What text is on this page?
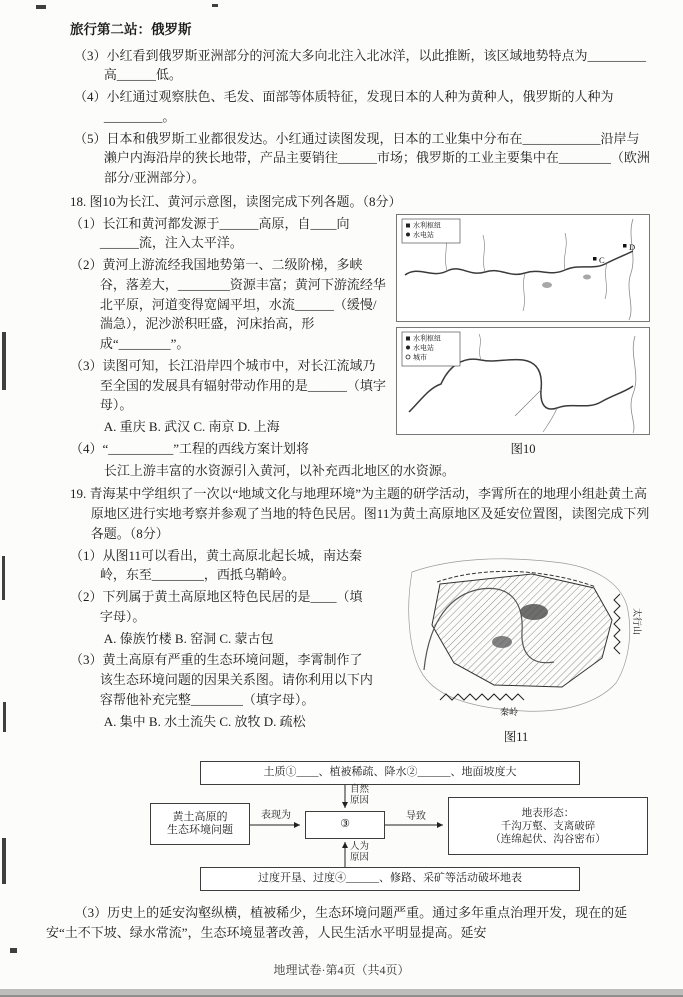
旅行第二站：俄罗斯

（3）小红看到俄罗斯亚洲部分的河流大多向北注入北冰洋，以此推断，该区域地势特点为_________高______低。

（4）小红通过观察肤色、毛发、面部等体质特征，发现日本的人种为黄种人，俄罗斯的人种为_________。

（5）日本和俄罗斯工业都很发达。小红通过读图发现，日本的工业集中分布在____________沿岸与濑户内海沿岸的狭长地带，产品主要销往______市场；俄罗斯的工业主要集中在________（欧洲部分/亚洲部分）。

18. 图10为长江、黄河示意图，读图完成下列各题。（8分）

（1）长江和黄河都发源于______高原，自____向______流，注入太平洋。

（2）黄河上游流经我国地势第一、二级阶梯，多峡谷，落差大，________资源丰富；黄河下游流经华北平原，河道变得宽阔平坦，水流______（缓慢/湍急），泥沙淤积旺盛，河床抬高，形成“________”。

（3）读图可知，长江沿岸四个城市中，对长江流域乃至全国的发展具有辐射带动作用的是______（填字母）。

A. 重庆 B. 武汉 C. 南京 D. 上海

（4）“__________”工程的西线方案计划将

水利枢纽
水电站
C
D
水利枢纽
水电站
城市
图10

长江上游丰富的水资源引入黄河，以补充西北地区的水资源。

19. 青海某中学组织了一次以“地域文化与地理环境”为主题的研学活动，李霄所在的地理小组赴黄土高原地区进行实地考察并参观了当地的特色民居。图11为黄土高原地区及延安位置图，读图完成下列各题。（8分）

（1）从图11可以看出，黄土高原北起长城，南达秦岭，东至________，西抵乌鞘岭。

（2）下列属于黄土高原地区特色民居的是____（填字母）。

A. 傣族竹楼 B. 窑洞 C. 蒙古包

（3）黄土高原有严重的生态环境问题，李霄制作了该生态环境问题的因果关系图。请你利用以下内容帮他补充完整________（填字母）。

A. 集中 B. 水土流失 C. 放牧 D. 疏松

秦岭
太行山
图11
土质①____、植被稀疏、降水②______、地面坡度大
黄土高原的
生态环境问题	③
地表形态：
千沟万壑、支离破碎
（连绵起伏、沟谷密布）
过度开垦、过度④______、修路、采矿等活动破坏地表
表现为
自然
原因
人为
原因
导致

（3）历史上的延安沟壑纵横，植被稀少，生态环境问题严重。通过多年重点治理开发，现在的延安“土不下坡、绿水常流”，生态环境显著改善，人民生活水平明显提高。延安

地理试卷·第4页（共4页）
